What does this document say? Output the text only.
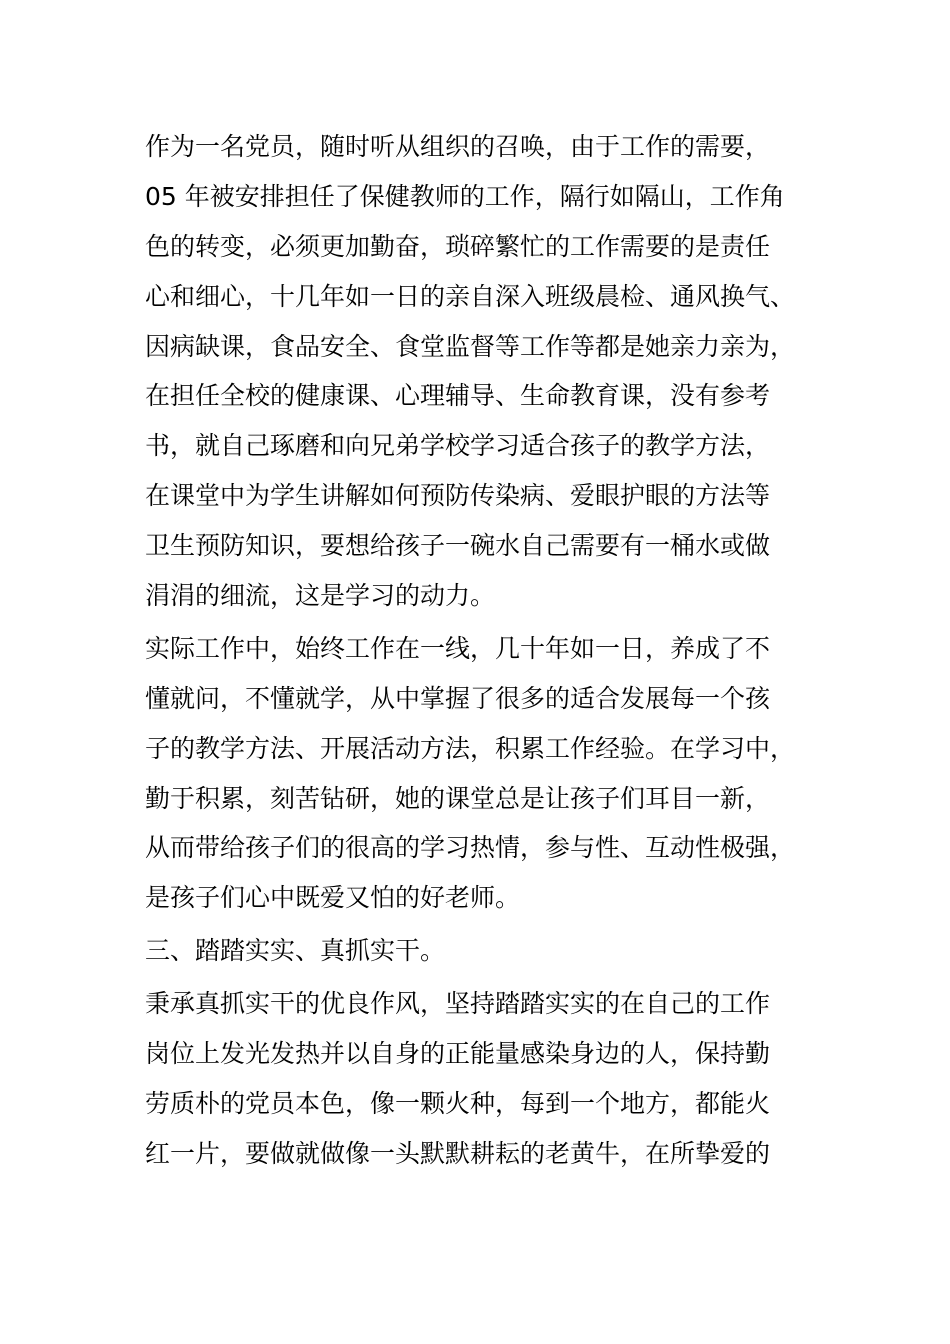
作为一名党员，随时听从组织的召唤，由于工作的需要，
05 年被安排担任了保健教师的工作，隔行如隔山，工作角
色的转变，必须更加勤奋，琐碎繁忙的工作需要的是责任
心和细心，十几年如一日的亲自深入班级晨检、通风换气、
因病缺课，食品安全、食堂监督等工作等都是她亲力亲为，
在担任全校的健康课、心理辅导、生命教育课，没有参考
书，就自己琢磨和向兄弟学校学习适合孩子的教学方法，
在课堂中为学生讲解如何预防传染病、爱眼护眼的方法等
卫生预防知识，要想给孩子一碗水自己需要有一桶水或做
涓涓的细流，这是学习的动力。
实际工作中，始终工作在一线，几十年如一日，养成了不
懂就问，不懂就学，从中掌握了很多的适合发展每一个孩
子的教学方法、开展活动方法，积累工作经验。在学习中，
勤于积累，刻苦钻研，她的课堂总是让孩子们耳目一新，
从而带给孩子们的很高的学习热情，参与性、互动性极强，
是孩子们心中既爱又怕的好老师。
三、踏踏实实、真抓实干。
秉承真抓实干的优良作风，坚持踏踏实实的在自己的工作
岗位上发光发热并以自身的正能量感染身边的人，保持勤
劳质朴的党员本色，像一颗火种，每到一个地方，都能火
红一片，要做就做像一头默默耕耘的老黄牛，在所挚爱的
